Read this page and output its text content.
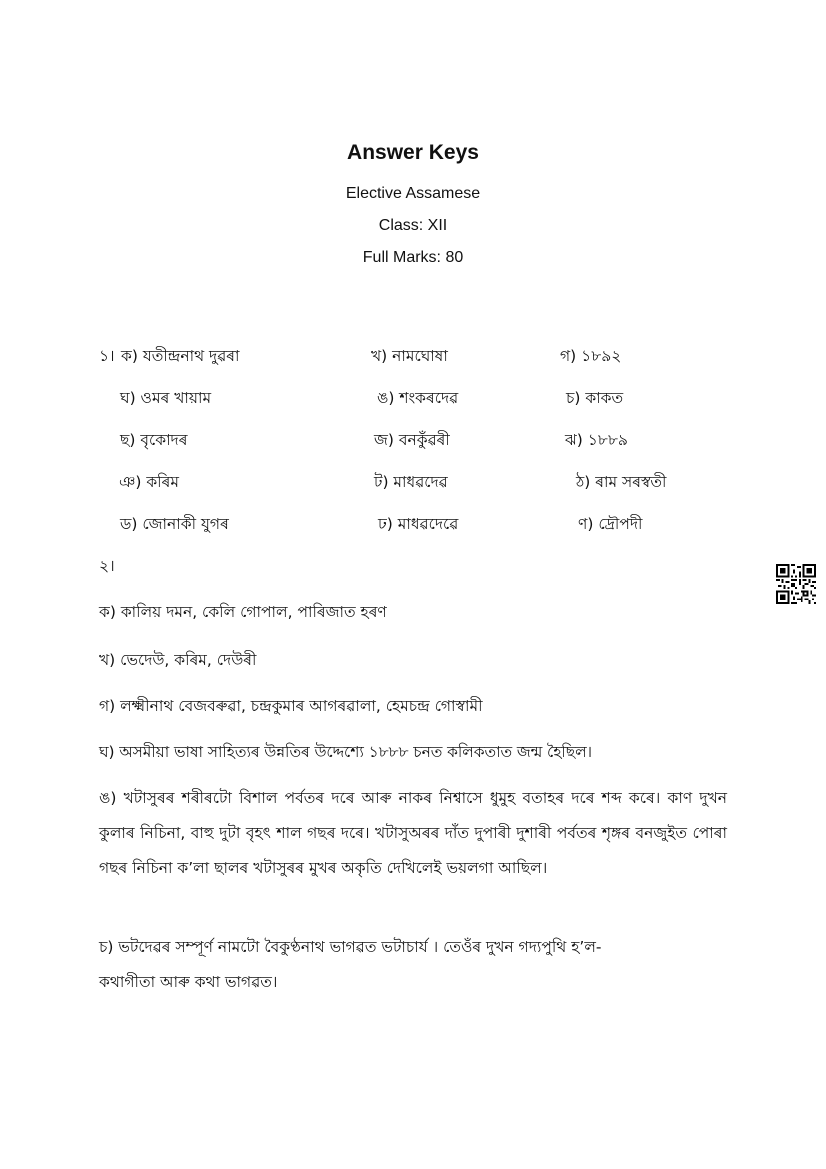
Answer Keys
Elective Assamese
Class: XII
Full Marks: 80
১। ক) যতীন্দ্ৰনাথ দুৱৰা	খ) নামঘোষা	গ) ১৮৯২
ঘ) ওমৰ খায়াম	ঙ) শংকৰদেৱ	চ) কাকত
ছ) বৃকোদৰ	জ) বনকুঁৱৰী	ঝ) ১৮৮৯
ঞ) কৰিম	ট) মাধৱদেৱ	ঠ) ৰাম সৰস্বতী
ড) জোনাকী যুগৰ	ঢ) মাধৱদেৱে	ণ) দ্ৰৌপদী
২।
ক) কালিয় দমন, কেলি গোপাল, পাৰিজাত হৰণ
খ) ভেদেউ, কৰিম, দেউৰী
গ) লক্ষ্মীনাথ বেজবৰুৱা, চন্দ্ৰকুমাৰ আগৰৱালা, হেমচন্দ্ৰ গোস্বামী
ঘ) অসমীয়া ভাষা সাহিত্যৰ উন্নতিৰ উদ্দেশ্যে ১৮৮৮ চনত কলিকতাত জন্ম হৈছিল।
ঙ) খটাসুৰৰ শৰীৰটো বিশাল পৰ্বতৰ দৰে আৰু নাকৰ নিশ্বাসে ধুমুহ বতাহৰ দৰে শব্দ কৰে। কাণ দুখন কুলাৰ নিচিনা, বাহু দুটা বৃহৎ শাল গছৰ দৰে। খটাসুঅৰৰ দাঁত দুপাৰী দুশাৰী পৰ্বতৰ শৃঙ্গৰ বনজুইত পোৰা গছৰ নিচিনা ক’লা ছালৰ খটাসুৰৰ মুখৰ অকৃতি দেখিলেই ভয়লগা আছিল।
চ) ভটদেৱৰ সম্পূৰ্ণ নামটো বৈকুণ্ঠনাথ ভাগৱত ভটাচাৰ্য । তেওঁৰ দুখন গদ্যপুথি হ’ল-
কথাগীতা আৰু কথা ভাগৱত।
